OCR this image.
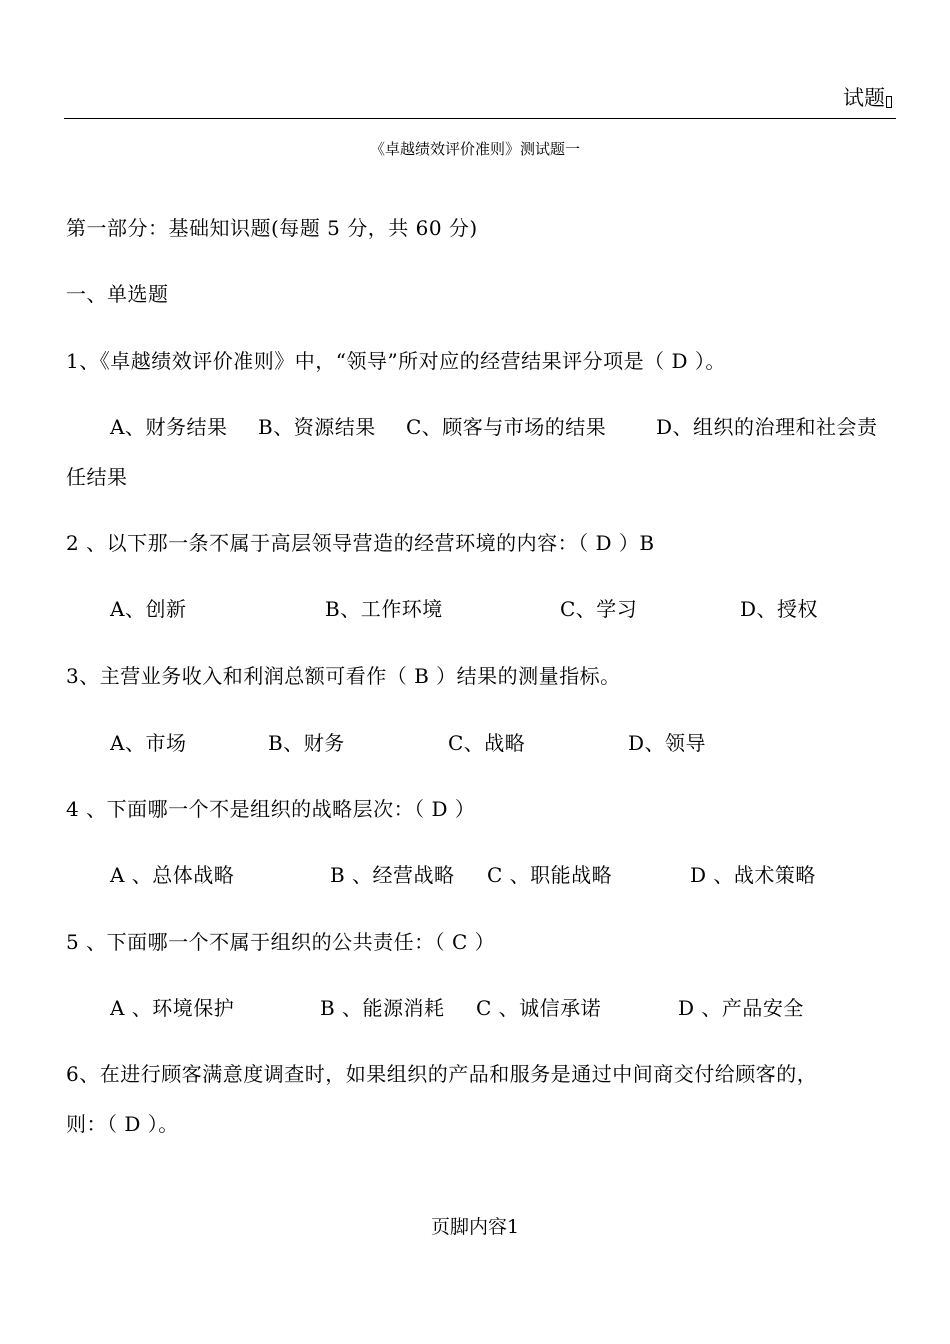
试题
《卓越绩效评价准则》测试题一
第一部分：基础知识题(每题 5 分，共 60 分)
一、单选题
1、《卓越绩效评价准则》中，“领导”所对应的经营结果评分项是（ D ）。
A、财务结果 B、资源结果 C、顾客与市场的结果 D、组织的治理和社会责
任结果
2 、以下那一条不属于高层领导营造的经营环境的内容：（ D ）B
A、创新	B、工作环境	C、学习	D、授权
3、主营业务收入和利润总额可看作（ B ）结果的测量指标。
A、市场	B、财务	C、战略	D、领导
4 、下面哪一个不是组织的战略层次：（ D ）
A 、总体战略	B 、经营战略 C 、职能战略	D 、战术策略
5 、下面哪一个不属于组织的公共责任：（ C ）
A 、环境保护	B 、能源消耗 C 、诚信承诺	D 、产品安全
6、在进行顾客满意度调查时，如果组织的产品和服务是通过中间商交付给顾客的，
则：（ D ）。
页脚内容1
